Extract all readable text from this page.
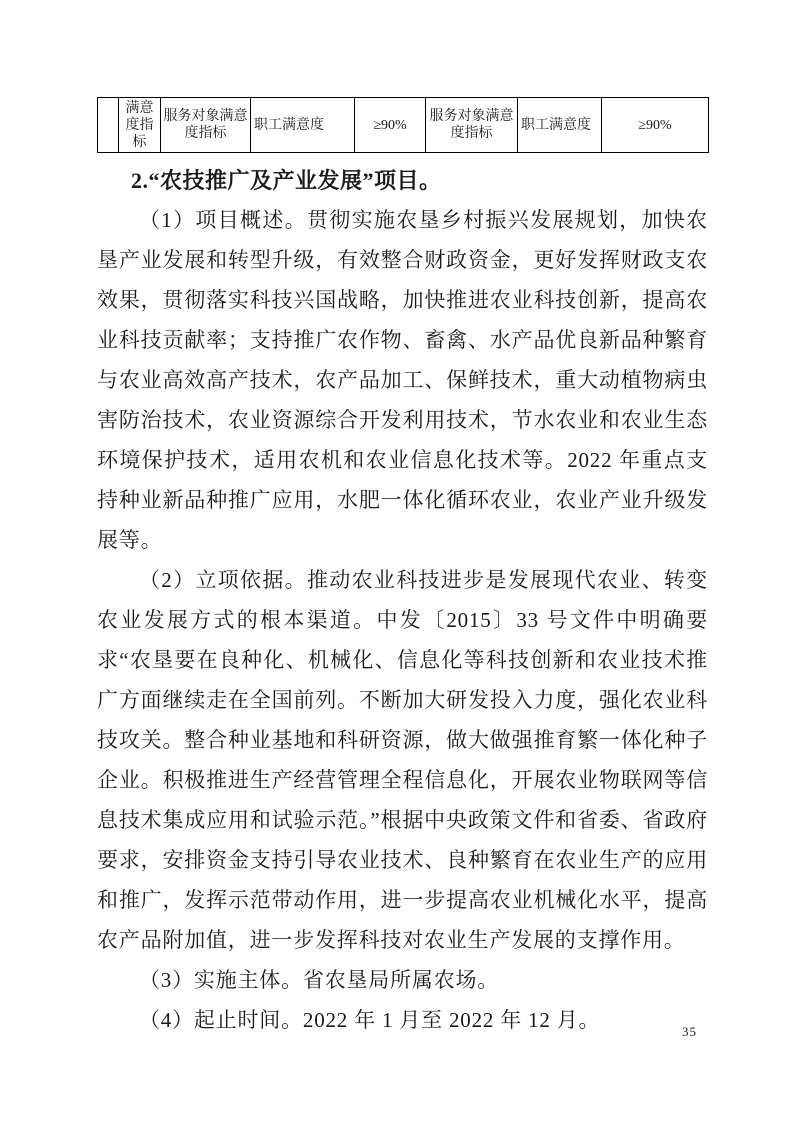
	满意度指标	服务对象满意度指标	职工满意度	≥90%	服务对象满意度指标	职工满意度	≥90%
2.“农技推广及产业发展”项目。

（1）项目概述。贯彻实施农垦乡村振兴发展规划，加快农垦产业发展和转型升级，有效整合财政资金，更好发挥财政支农效果，贯彻落实科技兴国战略，加快推进农业科技创新，提高农业科技贡献率；支持推广农作物、畜禽、水产品优良新品种繁育与农业高效高产技术，农产品加工、保鲜技术，重大动植物病虫害防治技术，农业资源综合开发利用技术，节水农业和农业生态环境保护技术，适用农机和农业信息化技术等。2022 年重点支持种业新品种推广应用，水肥一体化循环农业，农业产业升级发展等。

（2）立项依据。推动农业科技进步是发展现代农业、转变农业发展方式的根本渠道。中发〔2015〕33 号文件中明确要求“农垦要在良种化、机械化、信息化等科技创新和农业技术推广方面继续走在全国前列。不断加大研发投入力度，强化农业科技攻关。整合种业基地和科研资源，做大做强推育繁一体化种子企业。积极推进生产经营管理全程信息化，开展农业物联网等信息技术集成应用和试验示范。”根据中央政策文件和省委、省政府要求，安排资金支持引导农业技术、良种繁育在农业生产的应用和推广，发挥示范带动作用，进一步提高农业机械化水平，提高农产品附加值，进一步发挥科技对农业生产发展的支撑作用。

（3）实施主体。省农垦局所属农场。

（4）起止时间。2022 年 1 月至 2022 年 12 月。	35
